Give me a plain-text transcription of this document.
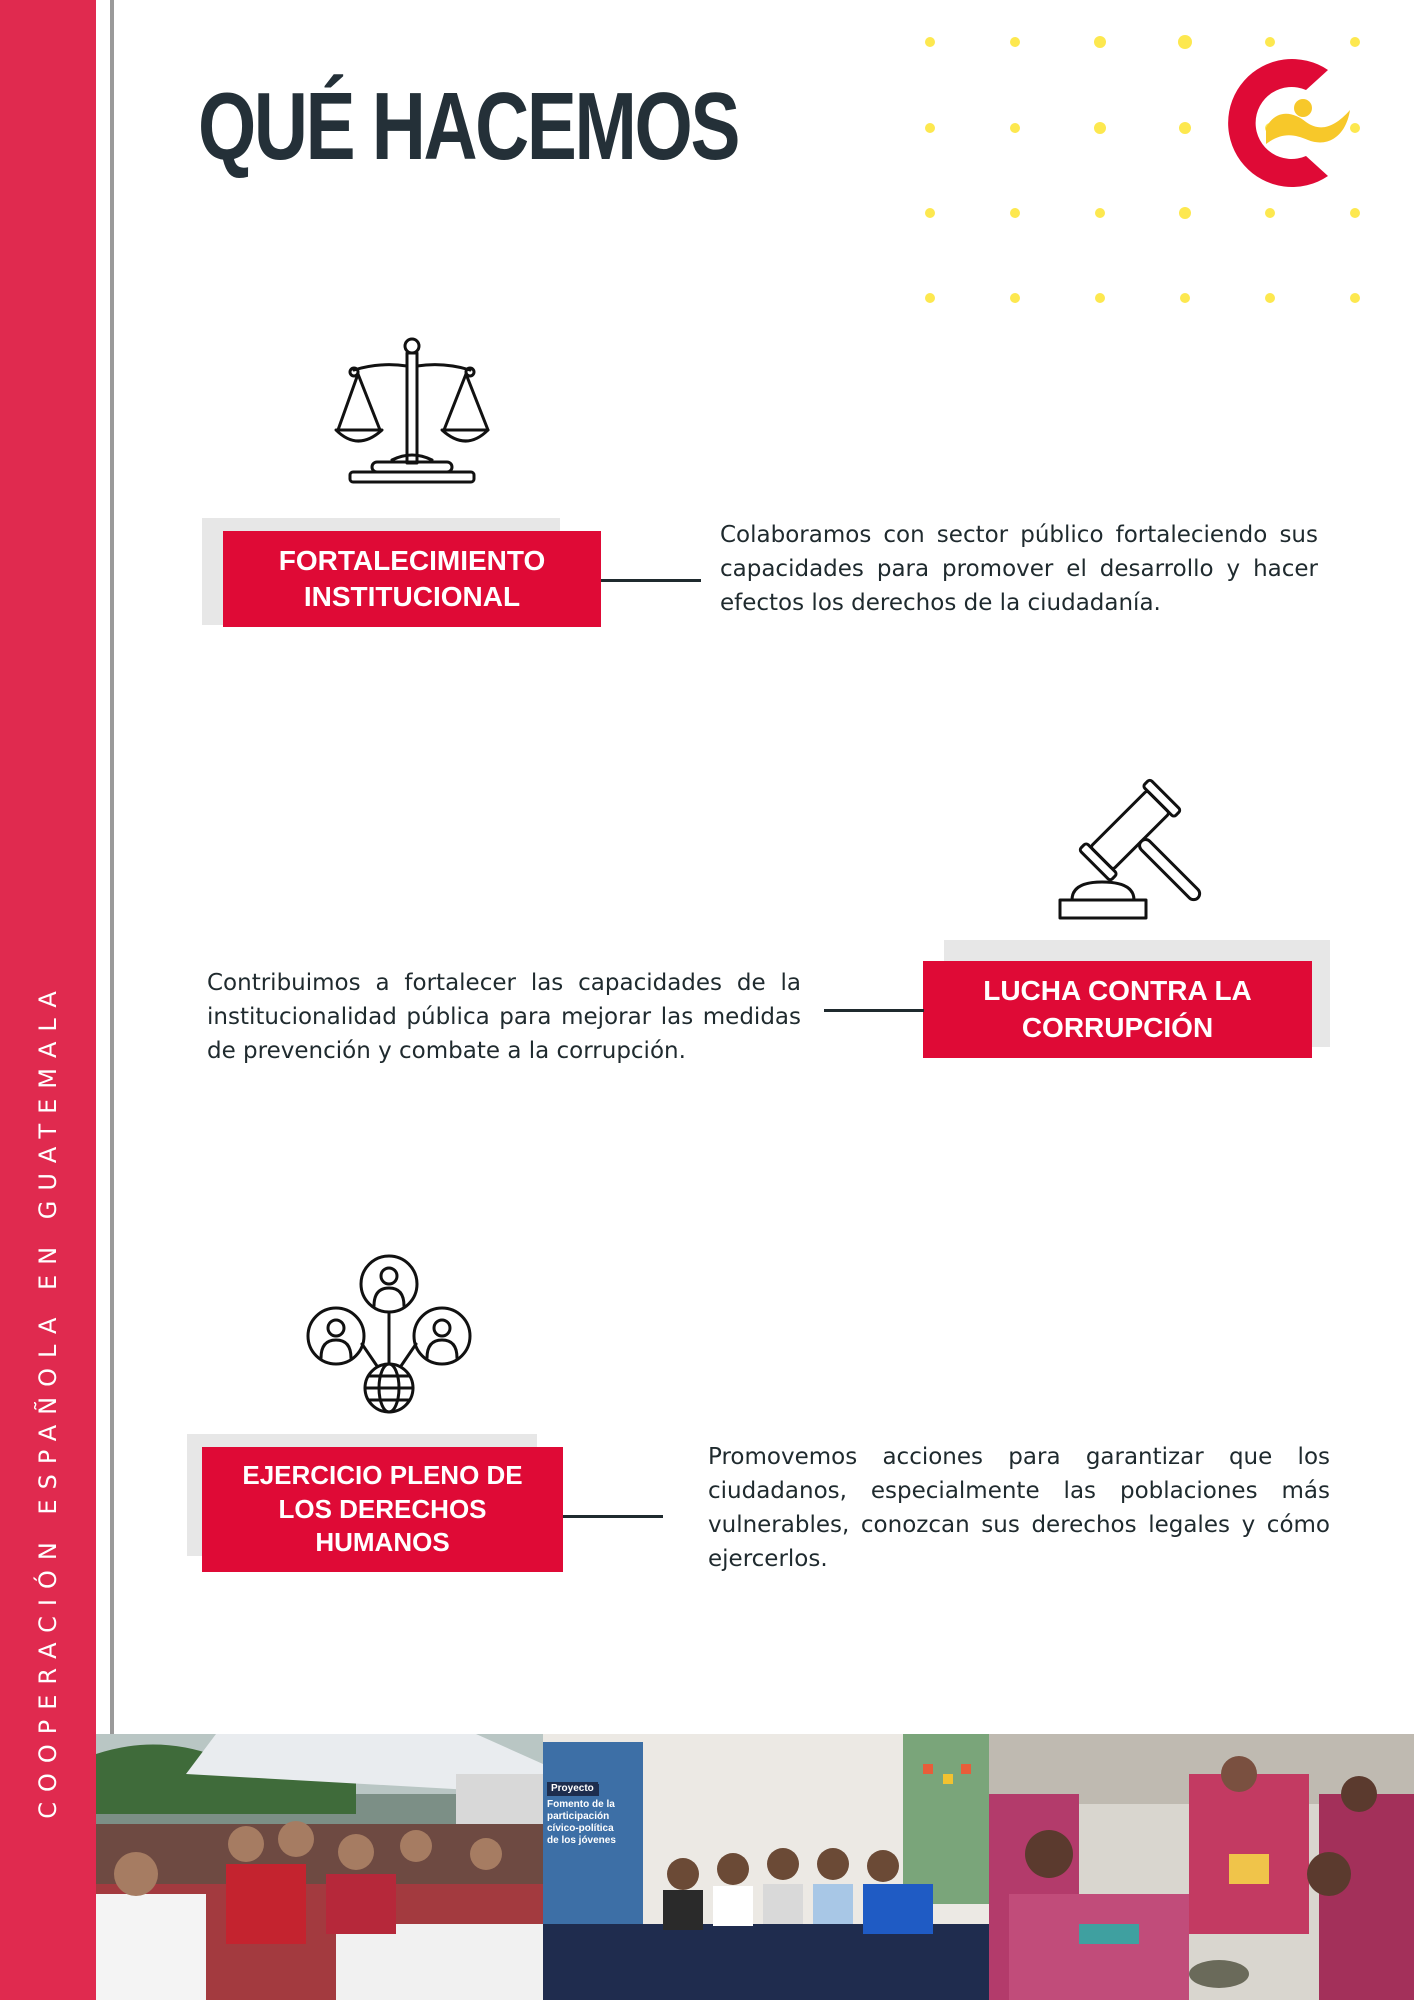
COOPERACIÓN ESPAÑOLA EN GUATEMALA
QUÉ HACEMOS
FORTALECIMIENTO
INSTITUCIONAL

Colaboramos con sector público fortaleciendo sus capacidades para promover el desarrollo y hacer efectos los derechos de la ciudadanía.

LUCHA CONTRA LA
CORRUPCIÓN

Contribuimos a fortalecer las capacidades de la institucionalidad pública para mejorar las medidas de prevención y combate a la corrupción.

EJERCICIO PLENO DE
LOS DERECHOS
HUMANOS

Promovemos acciones para garantizar que los ciudadanos, especialmente las poblaciones más vulnerables, conozcan sus derechos legales y cómo ejercerlos.

Proyecto
Fomento de la
participación
cívico-política
de los jóvenes
